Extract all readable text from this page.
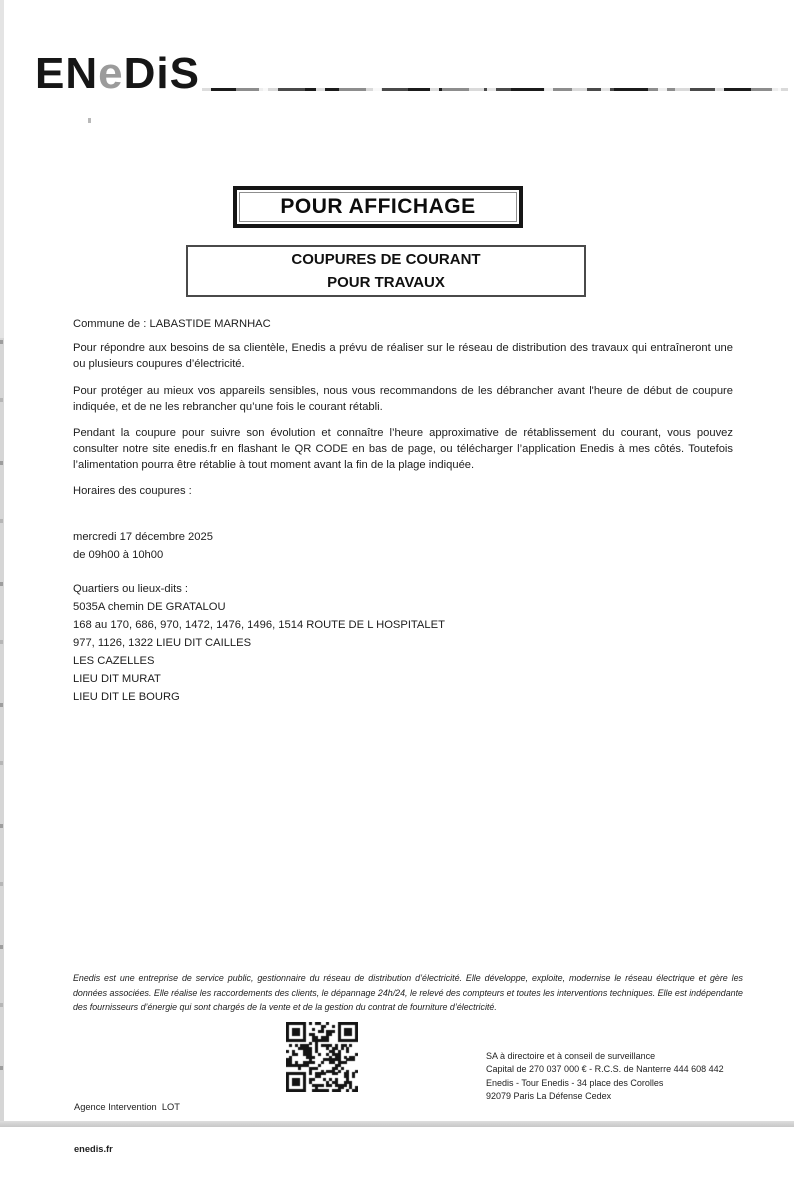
ENeDiS
POUR AFFICHAGE
COUPURES DE COURANT
POUR TRAVAUX

Commune de : LABASTIDE MARNHAC

Pour répondre aux besoins de sa clientèle, Enedis a prévu de réaliser sur le réseau de distribution des travaux qui entraîneront une ou plusieurs coupures d’électricité.

Pour protéger au mieux vos appareils sensibles, nous vous recommandons de les débrancher avant l'heure de début de coupure indiquée, et de ne les rebrancher qu’une fois le courant rétabli.

Pendant la coupure pour suivre son évolution et connaître l’heure approximative de rétablissement du courant, vous pouvez consulter notre site enedis.fr en flashant le QR CODE en bas de page, ou télécharger l’application Enedis à mes côtés. Toutefois l’alimentation pourra être rétablie à tout moment avant la fin de la plage indiquée.

Horaires des coupures :

mercredi 17 décembre 2025
de 09h00 à 10h00
Quartiers ou lieux-dits :
5035A chemin DE GRATALOU
168 au 170, 686, 970, 1472, 1476, 1496, 1514 ROUTE DE L HOSPITALET
977, 1126, 1322 LIEU DIT CAILLES
LES CAZELLES
LIEU DIT MURAT
LIEU DIT LE BOURG

Enedis est une entreprise de service public, gestionnaire du réseau de distribution d’électricité. Elle développe, exploite, modernise le réseau électrique et gère les données associées. Elle réalise les raccordements des clients, le dépannage 24h/24, le relevé des compteurs et toutes les interventions techniques. Elle est indépendante des fournisseurs d’énergie qui sont chargés de la vente et de la gestion du contrat de fourniture d’électricité.

Agence Intervention  LOT

enedis.fr

SA à directoire et à conseil de surveillance
Capital de 270 037 000 € - R.C.S. de Nanterre 444 608 442
Enedis - Tour Enedis - 34 place des Corolles
92079 Paris La Défense Cedex
